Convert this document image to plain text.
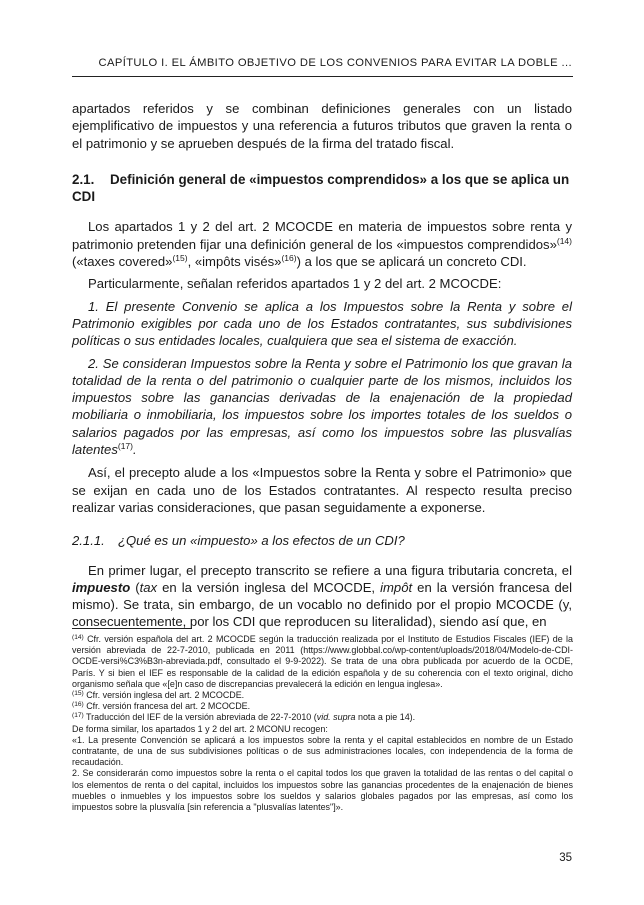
CAPÍTULO I. EL ÁMBITO OBJETIVO DE LOS CONVENIOS PARA EVITAR LA DOBLE ...

apartados referidos y se combinan definiciones generales con un listado ejemplificativo de impuestos y una referencia a futuros tributos que graven la renta o el patrimonio y se aprueben después de la firma del tratado fiscal.

2.1. Definición general de «impuestos comprendidos» a los que se aplica un CDI

Los apartados 1 y 2 del art. 2 MCOCDE en materia de impuestos sobre renta y patrimonio pretenden fijar una definición general de los «impuestos comprendidos»$^{(14)}$ («taxes covered»$^{(15)}$, «impôts visés»$^{(16)}$) a los que se aplicará un concreto CDI.

Particularmente, señalan referidos apartados 1 y 2 del art. 2 MCOCDE:

1. El presente Convenio se aplica a los Impuestos sobre la Renta y sobre el Patrimonio exigibles por cada uno de los Estados contratantes, sus subdivisiones políticas o sus entidades locales, cualquiera que sea el sistema de exacción.

2. Se consideran Impuestos sobre la Renta y sobre el Patrimonio los que gravan la totalidad de la renta o del patrimonio o cualquier parte de los mismos, incluidos los impuestos sobre las ganancias derivadas de la enajenación de la propiedad mobiliaria o inmobiliaria, los impuestos sobre los importes totales de los sueldos o salarios pagados por las empresas, así como los impuestos sobre las plusvalías latentes$^{(17)}$.

Así, el precepto alude a los «Impuestos sobre la Renta y sobre el Patrimonio» que se exijan en cada uno de los Estados contratantes. Al respecto resulta preciso realizar varias consideraciones, que pasan seguidamente a exponerse.

2.1.1. ¿Qué es un «impuesto» a los efectos de un CDI?

En primer lugar, el precepto transcrito se refiere a una figura tributaria concreta, el impuesto (tax en la versión inglesa del MCOCDE, impôt en la versión francesa del mismo). Se trata, sin embargo, de un vocablo no definido por el propio MCOCDE (y, consecuentemente, por los CDI que reproducen su literalidad), siendo así que, en

$^{(14)}$ Cfr. versión española del art. 2 MCOCDE según la traducción realizada por el Instituto de Estudios Fiscales (IEF) de la versión abreviada de 22-7-2010, publicada en 2011 (https://www.globbal.co/wp-content/uploads/2018/04/Modelo-de-CDI-OCDE-versi%C3%B3n-abreviada.pdf, consultado el 9-9-2022). Se trata de una obra publicada por acuerdo de la OCDE, París. Y si bien el IEF es responsable de la calidad de la edición española y de su coherencia con el texto original, dicho organismo señala que «[e]n caso de discrepancias prevalecerá la edición en lengua inglesa».

$^{(15)}$ Cfr. versión inglesa del art. 2 MCOCDE.

$^{(16)}$ Cfr. versión francesa del art. 2 MCOCDE.

$^{(17)}$ Traducción del IEF de la versión abreviada de 22-7-2010 (vid. supra nota a pie 14).

De forma similar, los apartados 1 y 2 del art. 2 MCONU recogen:

«1. La presente Convención se aplicará a los impuestos sobre la renta y el capital establecidos en nombre de un Estado contratante, de una de sus subdivisiones políticas o de sus administraciones locales, con independencia de la forma de recaudación.

2. Se considerarán como impuestos sobre la renta o el capital todos los que graven la totalidad de las rentas o del capital o los elementos de renta o del capital, incluidos los impuestos sobre las ganancias procedentes de la enajenación de bienes muebles o inmuebles y los impuestos sobre los sueldos y salarios globales pagados por las empresas, así como los impuestos sobre la plusvalía [sin referencia a "plusvalías latentes"]».

35
